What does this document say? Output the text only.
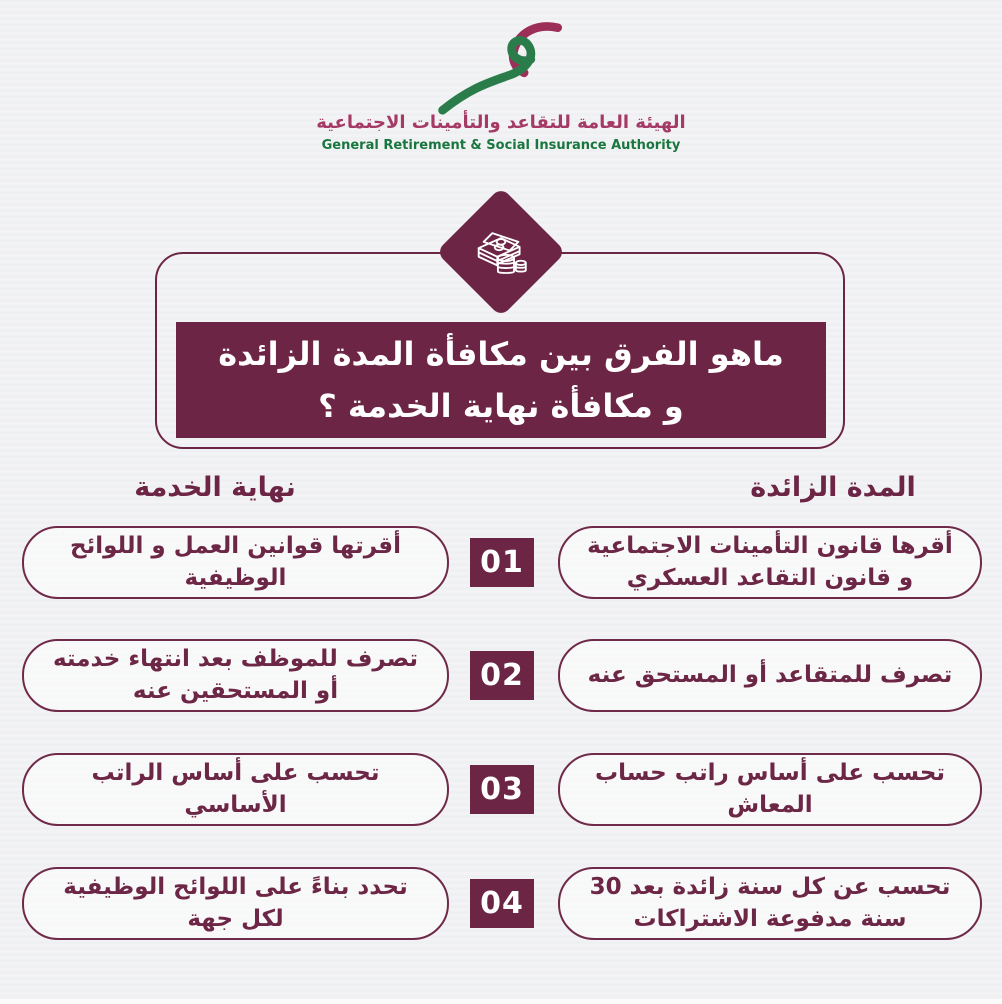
الهيئة العامة للتقاعد والتأمينات الاجتماعية
General Retirement & Social Insurance Authority
ماهو الفرق بين مكافأة المدة الزائدة
و مكافأة نهاية الخدمة ؟
المدة الزائدة
نهاية الخدمة
أقرها قانون التأمينات الاجتماعية و قانون التقاعد العسكري
01
أقرتها قوانين العمل و اللوائح الوظيفية
تصرف للمتقاعد أو المستحق عنه
02
تصرف للموظف بعد انتهاء خدمته أو المستحقين عنه
تحسب على أساس راتب حساب المعاش
03
تحسب على أساس الراتب الأساسي
تحسب عن كل سنة زائدة بعد 30 سنة مدفوعة الاشتراكات
04
تحدد بناءً على اللوائح الوظيفية لكل جهة
